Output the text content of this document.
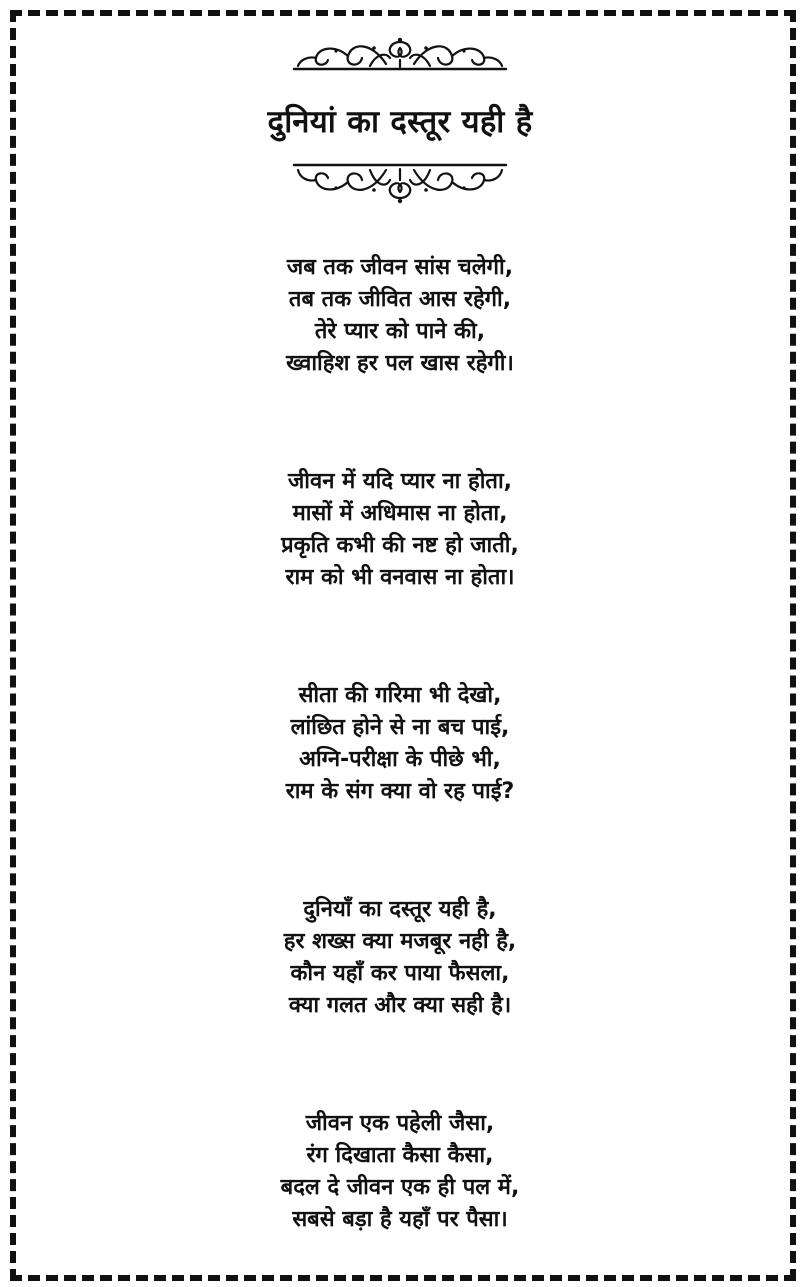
दुनियां का दस्तूर यही है
जब तक जीवन सांस चलेगी,
तब तक जीवित आस रहेगी,
तेरे प्यार को पाने की,
ख्वाहिश हर पल खास रहेगी।
जीवन में यदि प्यार ना होता,
मासों में अधिमास ना होता,
प्रकृति कभी की नष्ट हो जाती,
राम को भी वनवास ना होता।
सीता की गरिमा भी देखो,
लांछित होने से ना बच पाई,
अग्नि-परीक्षा के पीछे भी,
राम के संग क्या वो रह पाई?
दुनियाँ का दस्तूर यही है,
हर शख्स क्या मजबूर नही है,
कौन यहाँ कर पाया फैसला,
क्या गलत और क्या सही है।
जीवन एक पहेली जैसा,
रंग दिखाता कैसा कैसा,
बदल दे जीवन एक ही पल में,
सबसे बड़ा है यहाँ पर पैसा।
